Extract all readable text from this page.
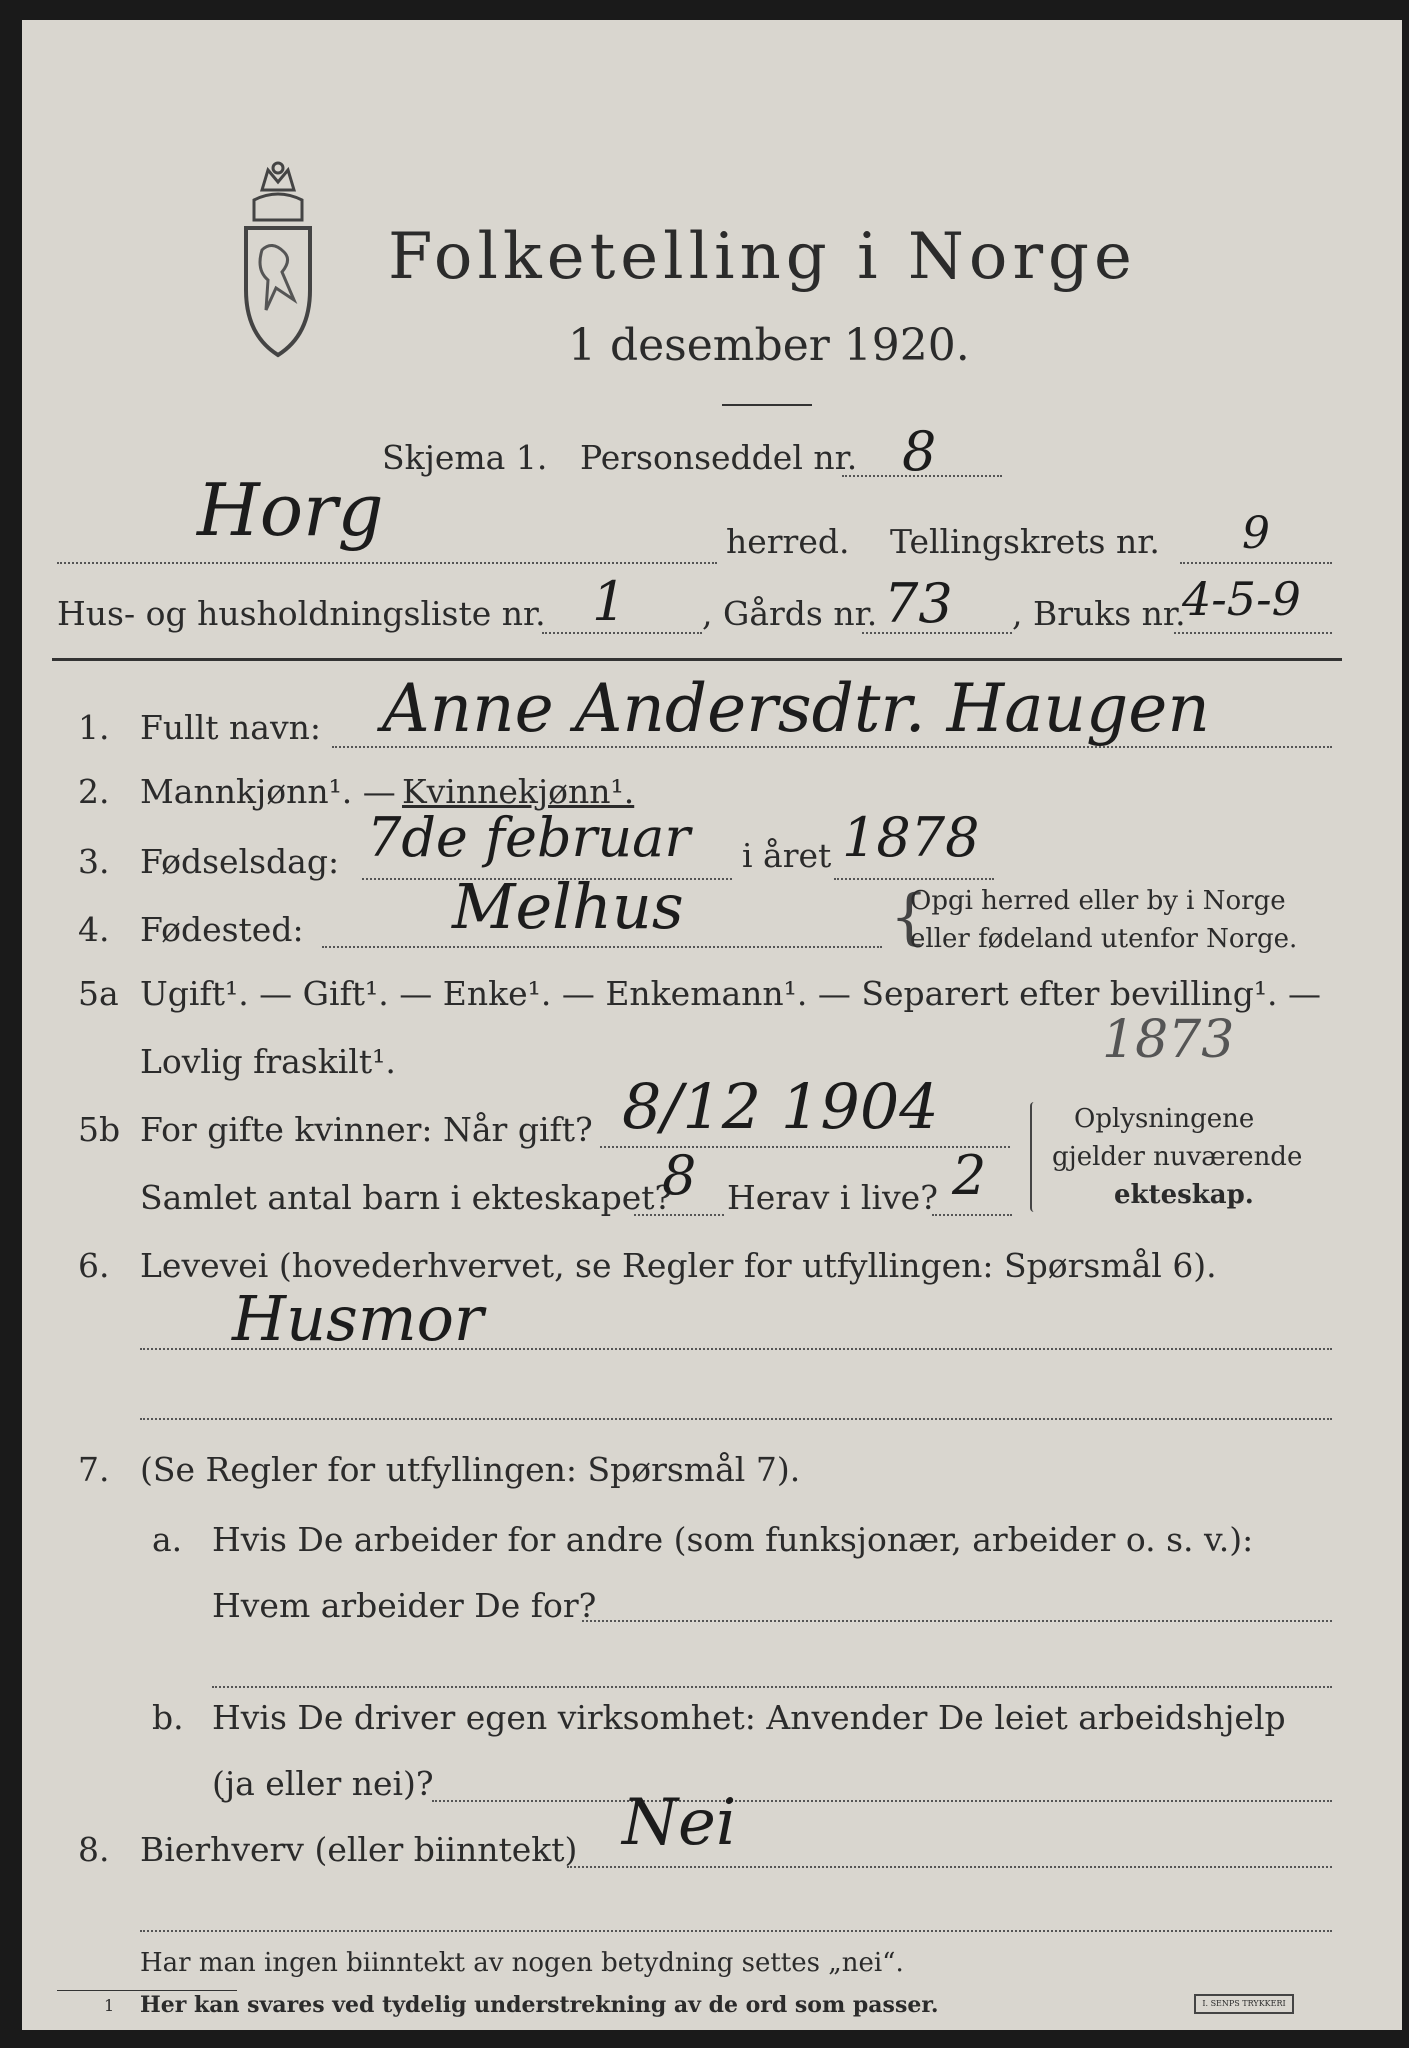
Folketelling i Norge
1 desember 1920.
Skjema 1. Personseddel nr. 8
Horg	herred. Tellingskrets nr. 9
Hus- og husholdningsliste nr. 1 , Gårds nr. 73 , Bruks nr.
4-5-9
1. Fullt navn: Anne Andersdtr. Haugen
2. Mannkjønn¹. — Kvinnekjønn¹.
3. Fødselsdag: 7de februar i året 1878
4. Fødested: Melhus	{
Opgi herred eller by i Norge
eller fødeland utenfor Norge.
5a Ugift¹. — Gift¹. — Enke¹. — Enkemann¹. — Separert efter bevilling¹. —
Lovlig fraskilt¹.	1873
5b For gifte kvinner: Når gift? 8/12 1904
Samlet antal barn i ekteskapet?
8 Herav i live? 2
Oplysningene
gjelder nuværende
ekteskap.
6. Levevei (hovederhvervet, se Regler for utfyllingen: Spørsmål 6).
Husmor
7. (Se Regler for utfyllingen: Spørsmål 7).
a. Hvis De arbeider for andre (som funksjonær, arbeider o. s. v.):
Hvem arbeider De for?
b. Hvis De driver egen virksomhet: Anvender De leiet arbeidshjelp
(ja eller nei)?
8. Bierhverv (eller biinntekt) Nei
Har man ingen biinntekt av nogen betydning settes „nei“.
1 Her kan svares ved tydelig understrekning av de ord som passer.	I. SENPS TRYKKERI
